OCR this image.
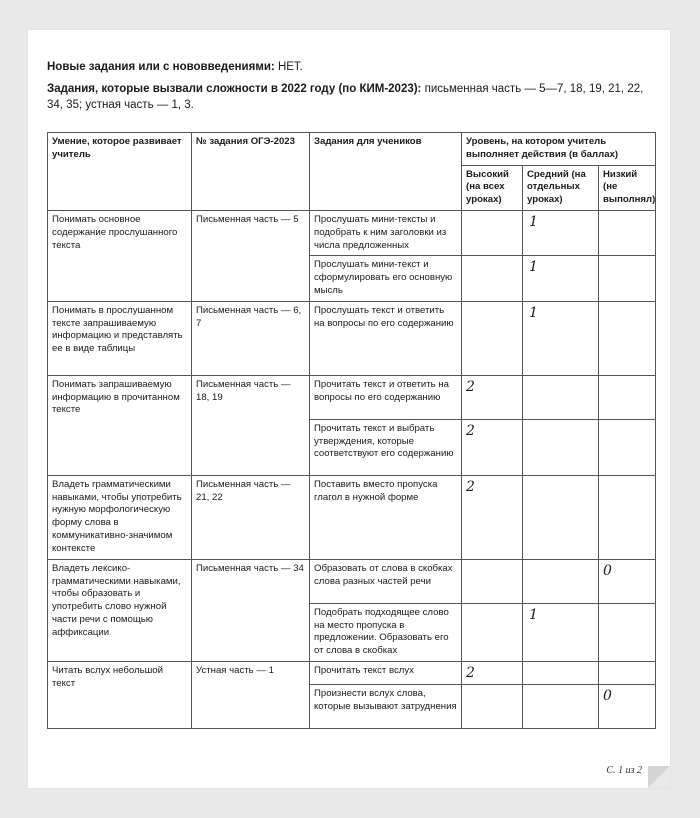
Новые задания или с нововведениями: НЕТ.

Задания, которые вызвали сложности в 2022 году (по КИМ-2023): письменная часть — 5—7, 18, 19, 21, 22, 34, 35; устная часть — 1, 3.

Умение, которое развивает учитель	№ задания ОГЭ-2023	Задания для учеников	Уровень, на котором учитель выполняет действия (в баллах)		
			Высокий (на всех уроках)	Средний (на отдельных уроках)	Низкий (не выполнял)
Понимать основное содержание прослушанного текста	Письменная часть — 5	Прослушать мини-тексты и подобрать к ним заголовки из числа предложенных		1	
		Прослушать мини-текст и сформулировать его основную мысль		1	
Понимать в прослушанном тексте запрашиваемую информацию и представлять ее в виде таблицы	Письменная часть — 6, 7	Прослушать текст и ответить на вопросы по его содержанию		1	
Понимать запрашиваемую информацию в прочитанном тексте	Письменная часть — 18, 19	Прочитать текст и ответить на вопросы по его содержанию	2		
		Прочитать текст и выбрать утверждения, которые соответствуют его содержанию	2		
Владеть грамматическими навыками, чтобы употребить нужную морфологическую форму слова в коммуникативно-значимом контексте	Письменная часть — 21, 22	Поставить вместо пропуска глагол в нужной форме	2		
Владеть лексико-грамматическими навыками, чтобы образовать и употребить слово нужной части речи с помощью аффиксации	Письменная часть — 34	Образовать от слова в скобках слова разных частей речи			0
		Подобрать подходящее слово на место пропуска в предложении. Образовать его от слова в скобках		1	
Читать вслух небольшой текст	Устная часть — 1	Прочитать текст вслух	2		
		Произнести вслух слова, которые вызывают затруднения			0
С. 1 из 2
